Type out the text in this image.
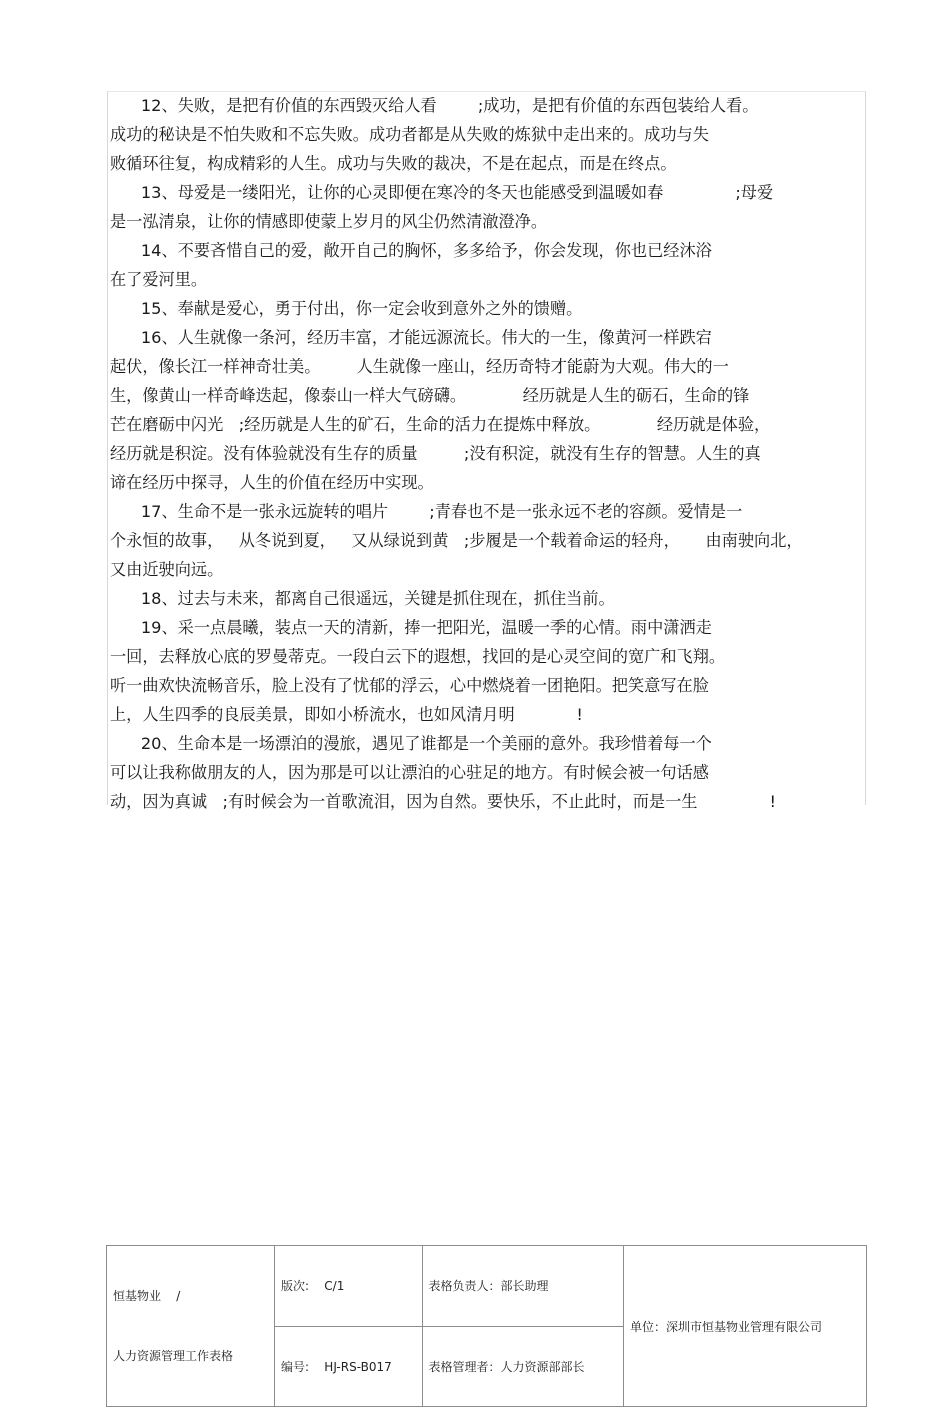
12、失败，是把有价值的东西毁灭给人看        ;成功，是把有价值的东西包装给人看。
成功的秘诀是不怕失败和不忘失败。成功者都是从失败的炼狱中走出来的。成功与失
败循环往复，构成精彩的人生。成功与失败的裁决，不是在起点，而是在终点。
13、母爱是一缕阳光，让你的心灵即便在寒冷的冬天也能感受到温暖如春              ;母爱
是一泓清泉，让你的情感即使蒙上岁月的风尘仍然清澈澄净。
14、不要吝惜自己的爱，敞开自己的胸怀，多多给予，你会发现，你也已经沐浴
在了爱河里。
15、奉献是爱心，勇于付出，你一定会收到意外之外的馈赠。
16、人生就像一条河，经历丰富，才能远源流长。伟大的一生，像黄河一样跌宕
起伏，像长江一样神奇壮美。       人生就像一座山，经历奇特才能蔚为大观。伟大的一
生，像黄山一样奇峰迭起，像泰山一样大气磅礴。           经历就是人生的砺石，生命的锋
芒在磨砺中闪光   ;经历就是人生的矿石，生命的活力在提炼中释放。           经历就是体验，
经历就是积淀。没有体验就没有生存的质量         ;没有积淀，就没有生存的智慧。人生的真
谛在经历中探寻，人生的价值在经历中实现。
17、生命不是一张永远旋转的唱片        ;青春也不是一张永远不老的容颜。爱情是一
个永恒的故事，   从冬说到夏，   又从绿说到黄   ;步履是一个载着命运的轻舟，     由南驶向北，
又由近驶向远。
18、过去与未来，都离自己很遥远，关键是抓住现在，抓住当前。
19、采一点晨曦，装点一天的清新，捧一把阳光，温暖一季的心情。雨中潇洒走
一回，去释放心底的罗曼蒂克。一段白云下的遐想，找回的是心灵空间的宽广和飞翔。
听一曲欢快流畅音乐，脸上没有了忧郁的浮云，心中燃烧着一团艳阳。把笑意写在脸
上，人生四季的良辰美景，即如小桥流水，也如风清月明            !
20、生命本是一场漂泊的漫旅，遇见了谁都是一个美丽的意外。我珍惜着每一个
可以让我称做朋友的人，因为那是可以让漂泊的心驻足的地方。有时候会被一句话感
动，因为真诚   ;有时候会为一首歌流泪，因为自然。要快乐，不止此时，而是一生              !

恒基物业    /

人力资源管理工作表格	版次:    C/1	表格负责人：部长助理	单位：深圳市恒基物业管理有限公司
	编号:    HJ-RS-B017	表格管理者：人力资源部部长	
